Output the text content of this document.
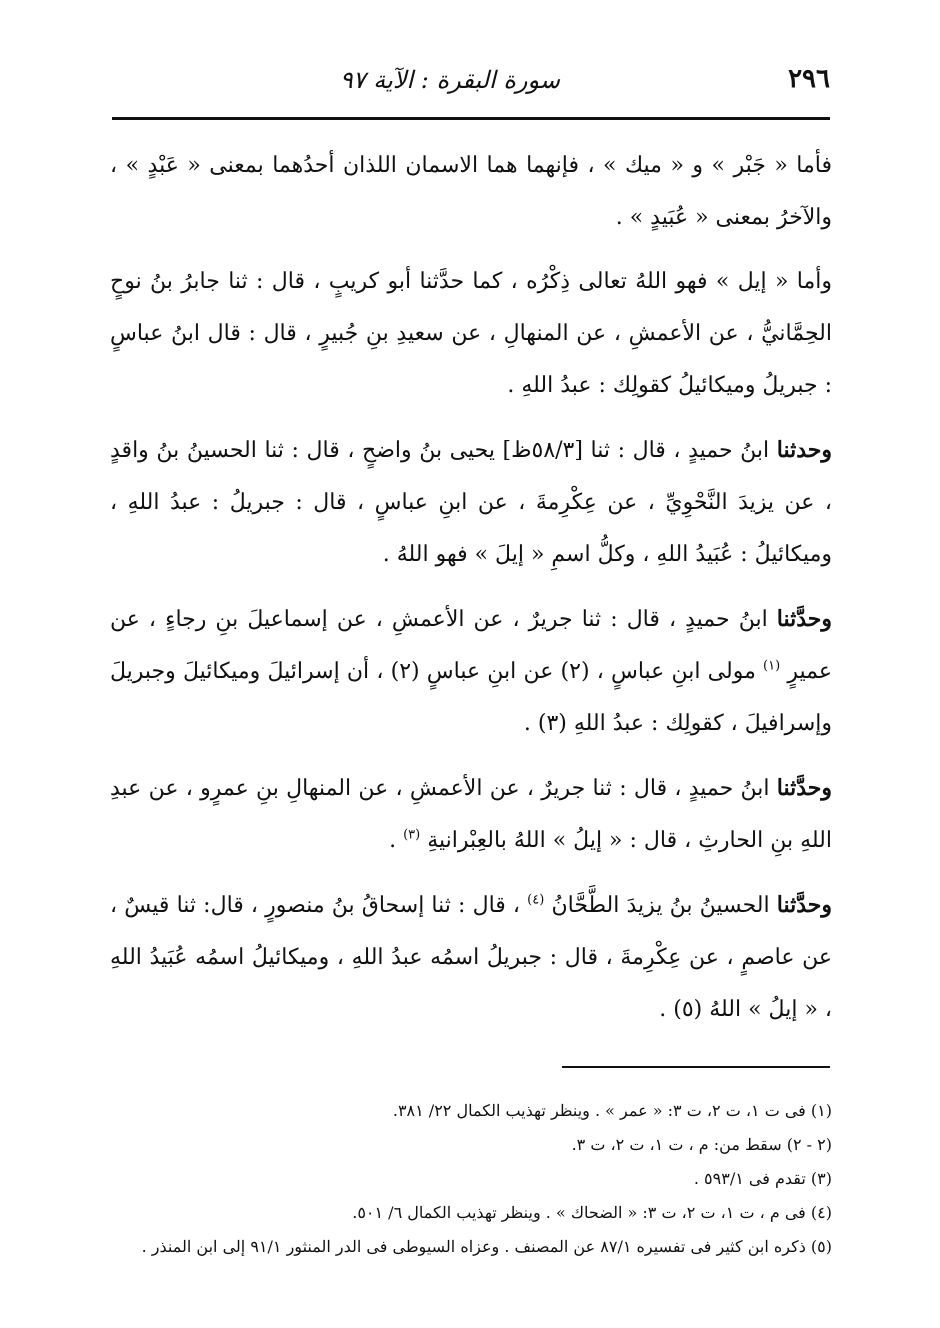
٢٩٦
سورة البقرة : الآية ٩٧

فأما « جَبْر » و « ميك » ، فإنهما هما الاسمان اللذان أحدُهما بمعنى « عَبْدٍ » ، والآخرُ بمعنى « عُبَيدٍ » .

وأما « إيل » فهو اللهُ تعالى ذِكْرُه ، كما حدَّثنا أبو كريبٍ ، قال : ثنا جابرُ بنُ نوحٍ الحِمَّانيُّ ، عن الأعمشِ ، عن المنهالِ ، عن سعيدِ بنِ جُبيرٍ ، قال : قال ابنُ عباسٍ : جبريلُ وميكائيلُ كقولِك : عبدُ اللهِ .

وحدثنا ابنُ حميدٍ ، قال : ثنا [٥٨/٣ظ] يحيى بنُ واضحٍ ، قال : ثنا الحسينُ بنُ واقدٍ ، عن يزيدَ النَّحْوِيِّ ، عن عِكْرِمةَ ، عن ابنِ عباسٍ ، قال : جبريلُ : عبدُ اللهِ ، وميكائيلُ : عُبَيدُ اللهِ ، وكلُّ اسمِ « إيلَ » فهو اللهُ .

وحدَّثنا ابنُ حميدٍ ، قال : ثنا جريرٌ ، عن الأعمشِ ، عن إسماعيلَ بنِ رجاءٍ ، عن عميرٍ $^{(١)}$ مولى ابنِ عباسٍ ، (٢) عن ابنِ عباسٍ (٢) ، أن إسرائيلَ وميكائيلَ وجبريلَ وإسرافيلَ ، كقولِك : عبدُ اللهِ (٣) .

وحدَّثنا ابنُ حميدٍ ، قال : ثنا جريرٌ ، عن الأعمشِ ، عن المنهالِ بنِ عمرٍو ، عن عبدِ اللهِ بنِ الحارثِ ، قال : « إيلُ » اللهُ بالعِبْرانيةِ $^{(٣)}$ .

وحدَّثنا الحسينُ بنُ يزيدَ الطَّحَّانُ $^{(٤)}$ ، قال : ثنا إسحاقُ بنُ منصورٍ ، قال: ثنا قيسٌ ، عن عاصمٍ ، عن عِكْرِمةَ ، قال : جبريلُ اسمُه عبدُ اللهِ ، وميكائيلُ اسمُه عُبَيدُ اللهِ ، « إيلُ » اللهُ (٥) .

(١) فى ت ١، ت ٢، ت ٣: « عمر » . وينظر تهذيب الكمال ٢٢/ ٣٨١.

(٢ - ٢) سقط من: م ، ت ١، ت ٢، ت ٣.

(٣) تقدم فى ٥٩٣/١ .

(٤) فى م ، ت ١، ت ٢، ت ٣: « الضحاك » . وينظر تهذيب الكمال ٦/ ٥٠١.

(٥) ذكره ابن كثير فى تفسيره ٨٧/١ عن المصنف . وعزاه السيوطى فى الدر المنثور ٩١/١ إلى ابن المنذر .
